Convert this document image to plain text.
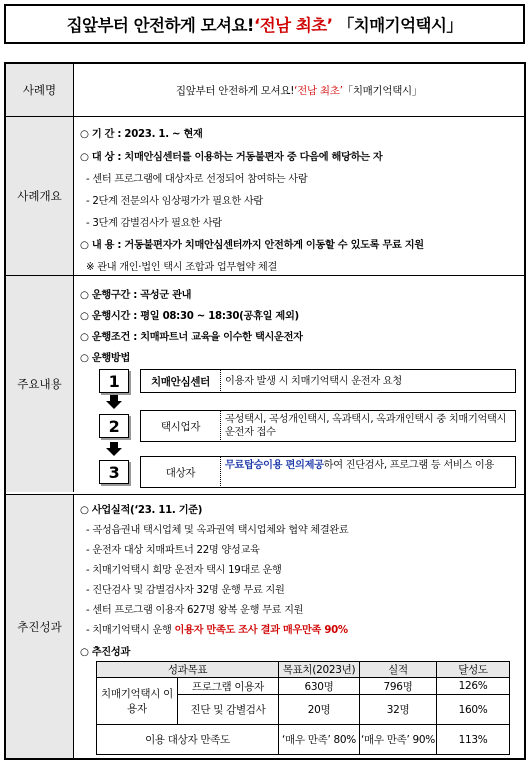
집앞부터 안전하게 모셔요! ‘전남 최초’
「치매기억택시」
사례명	집앞부터 안전하게 모셔요! ‘전남 최초’ 「치매기억택시」
사례개요
○ 기 간 : 2023. 1. ~ 현재
○ 대 상 : 치매안심센터를 이용하는 거동불편자 중 다음에 해당하는 자
- 센터 프로그램에 대상자로 선정되어 참여하는 사람
- 2단계 전문의사 임상평가가 필요한 사람
- 3단계 감별검사가 필요한 사람
○ 내 용 : 거동불편자가 치매안심센터까지 안전하게 이동할 수 있도록 무료 지원
※ 관내 개인·법인 택시 조합과 업무협약 체결
주요내용
○ 운행구간 : 곡성군 관내
○ 운행시간 : 평일 08:30 ~ 18:30(공휴일 제외)
○ 운행조건 : 치매파트너 교육을 이수한 택시운전자
○ 운행방법
1	치매안심센터	이용자 발생 시 치매기억택시 운전자 요청
2	택시업자
곡성택시, 곡성개인택시, 옥과택시, 옥과개인택시 중 치매기억택시 운전자 접수
3	대상자
무료탑승이용 편의제공하여 진단검사, 프로그램 등 서비스 이용
추진성과
○ 사업실적(‘23. 11. 기준)
- 곡성읍권내 택시업체 및 옥과권역 택시업체와 협약 체결완료
- 운전자 대상 치매파트너 22명 양성교육
- 치매기억택시 희망 운전자 택시 19대로 운행
- 진단검사 및 감별검사자 32명 운행 무료 지원
- 센터 프로그램 이용자 627명 왕복 운행 무료 지원
- 치매기억택시 운행 이용자 만족도 조사 결과 매우만족 90%
○ 추진성과
성과목표		목표치(2023년)	실적	달성도
치매기억택시 이용자	프로그램 이용자	630명	796명	126%
	진단 및 감별검사	20명	32명	160%
이용 대상자 만족도		‘매우 만족’ 80%	‘매우 만족’ 90%	113%
